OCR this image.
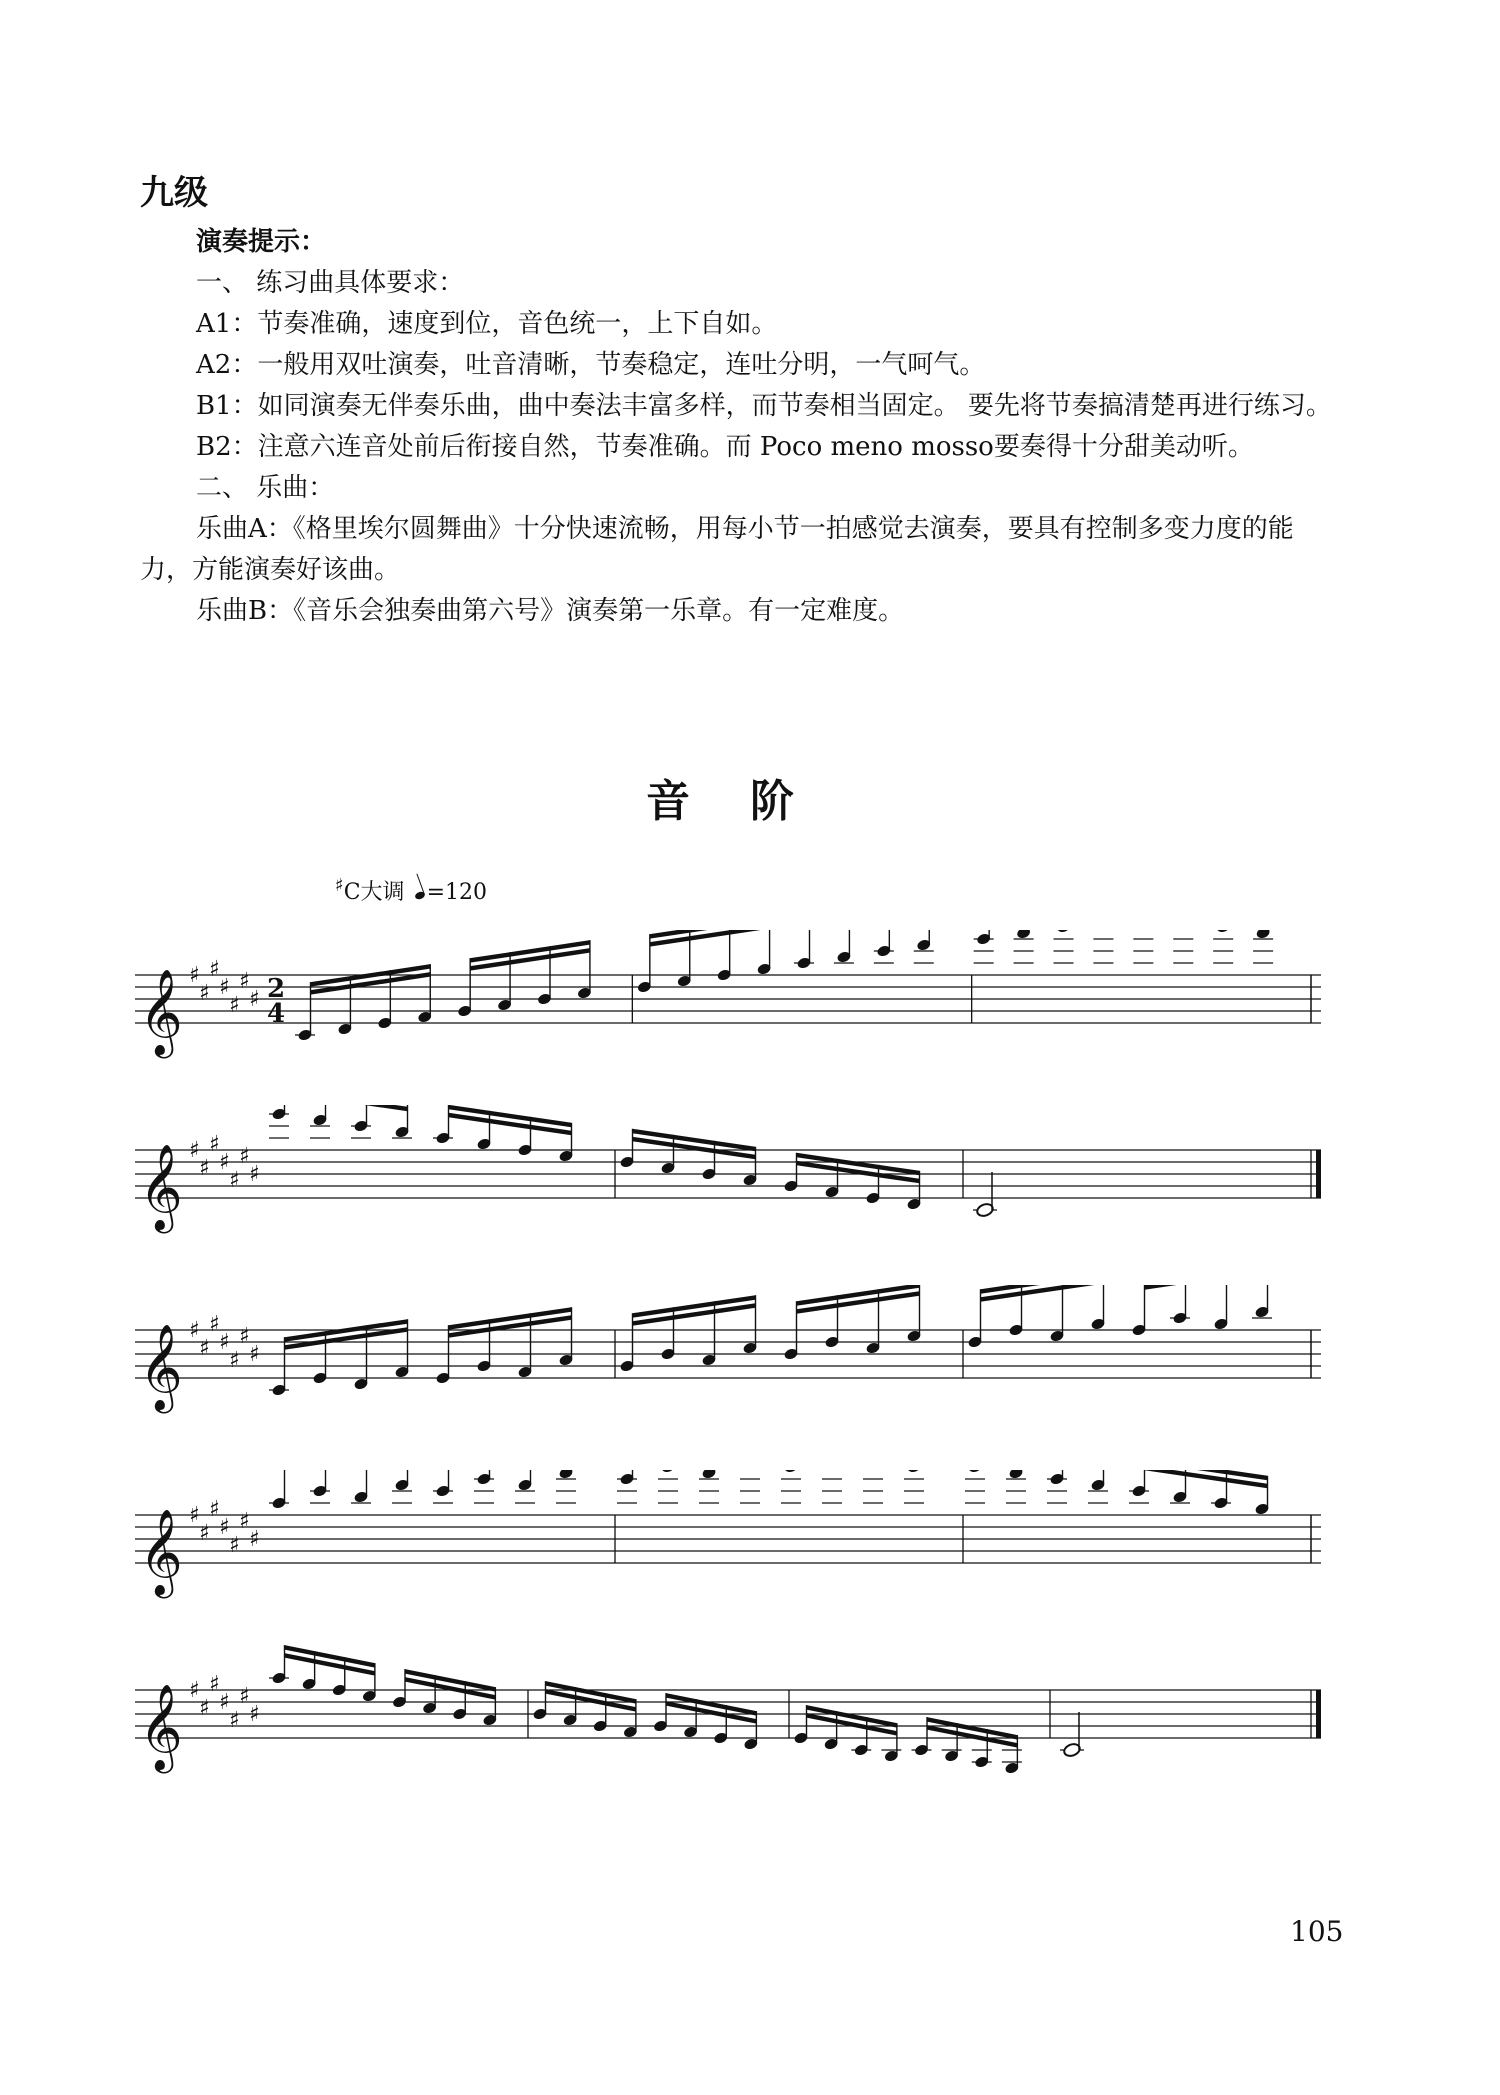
九级

演奏提示：

一、 练习曲具体要求：

A1：节奏准确，速度到位，音色统一，上下自如。

A2：一般用双吐演奏，吐音清晰，节奏稳定，连吐分明，一气呵气。

B1：如同演奏无伴奏乐曲，曲中奏法丰富多样，而节奏相当固定。 要先将节奏搞清楚再进行练习。

B2：注意六连音处前后衔接自然，节奏准确。而 Poco meno mosso要奏得十分甜美动听。

二、 乐曲：

乐曲A：《格里埃尔圆舞曲》十分快速流畅，用每小节一拍感觉去演奏，要具有控制多变力度的能力，方能演奏好该曲。

乐曲B：《音乐会独奏曲第六号》演奏第一乐章。有一定难度。

音阶
♯C大调 =120
𝄞 ♯
♯
♯
♯
♯
♯
♯ 2
4
𝄞 ♯
♯
♯
♯
♯
♯
♯
𝄞 ♯
♯
♯
♯
♯
♯
♯
𝄞 ♯
♯
♯
♯
♯
♯
♯
𝄞 ♯
♯
♯
♯
♯
♯
♯
105
